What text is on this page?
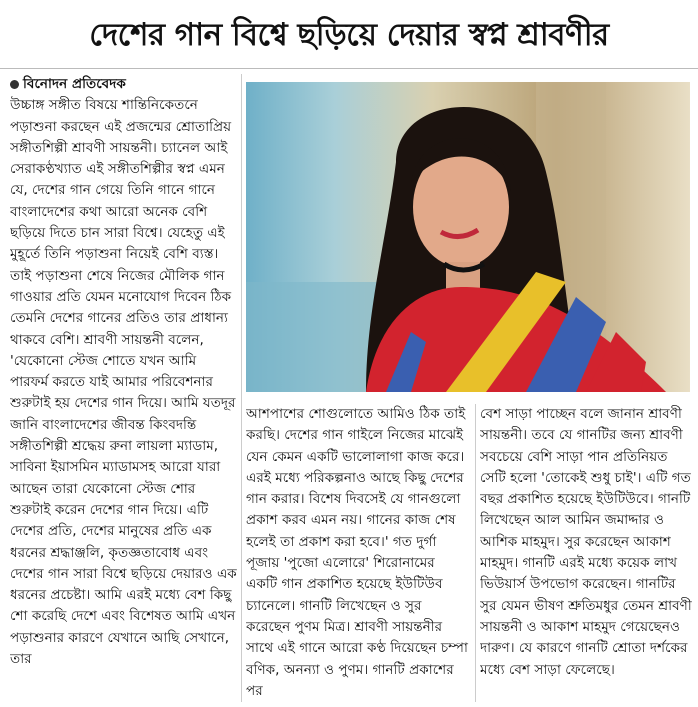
দেশের গান বিশ্বে ছড়িয়ে দেয়ার স্বপ্ন শ্রাবণীর
বিনোদন প্রতিবেদক

উচ্চাঙ্গ সঙ্গীত বিষয়ে শান্তিনিকেতনে পড়াশুনা করছেন এই প্রজন্মের শ্রোতাপ্রিয় সঙ্গীতশিল্পী শ্রাবণী সায়ন্তনী। চ্যানেল আই সেরাকণ্ঠখ্যাত এই সঙ্গীতশিল্পীর স্বপ্ন এমন যে, দেশের গান গেয়ে তিনি গানে গানে বাংলাদেশের কথা আরো অনেক বেশি ছড়িয়ে দিতে চান সারা বিশ্বে। যেহেতু এই মুহূর্তে তিনি পড়াশুনা নিয়েই বেশি ব্যস্ত। তাই পড়াশুনা শেষে নিজের মৌলিক গান গাওয়ার প্রতি যেমন মনোযোগ দিবেন ঠিক তেমনি দেশের গানের প্রতিও তার প্রাধান্য থাকবে বেশি। শ্রাবণী সায়ন্তনী বলেন, 'যেকোনো স্টেজ শোতে যখন আমি পারফর্ম করতে যাই আমার পরিবেশনার শুরুটাই হয় দেশের গান দিয়ে। আমি যতদূর জানি বাংলাদেশের জীবন্ত কিংবদন্তি সঙ্গীতশিল্পী শ্রদ্ধেয় রুনা লায়লা ম্যাডাম, সাবিনা ইয়াসমিন ম্যাডামসহ আরো যারা আছেন তারা যেকোনো স্টেজ শোর শুরুটাই করেন দেশের গান দিয়ে। এটি দেশের প্রতি, দেশের মানুষের প্রতি এক ধরনের শ্রদ্ধাঞ্জলি, কৃতজ্ঞতাবোধ এবং দেশের গান সারা বিশ্বে ছড়িয়ে দেয়ারও এক ধরনের প্রচেষ্টা। আমি এরই মধ্যে বেশ কিছু শো করেছি দেশে এবং বিশেষত আমি এখন পড়াশুনার কারণে যেখানে আছি সেখানে, তার

আশপাশের শোগুলোতে আমিও ঠিক তাই করছি। দেশের গান গাইলে নিজের মাঝেই যেন কেমন একটি ভালোলাগা কাজ করে। এরই মধ্যে পরিকল্পনাও আছে কিছু দেশের গান করার। বিশেষ দিবসেই যে গানগুলো প্রকাশ করব এমন নয়। গানের কাজ শেষ হলেই তা প্রকাশ করা হবে।' গত দুর্গা পূজায় 'পুজো এলোরে' শিরোনামের একটি গান প্রকাশিত হয়েছে ইউটিউব চ্যানেলে। গানটি লিখেছেন ও সুর করেছেন পুণম মিত্র। শ্রাবণী সায়ন্তনীর সাথে এই গানে আরো কণ্ঠ দিয়েছেন চম্পা বণিক, অনন্যা ও পুণম। গানটি প্রকাশের পর

বেশ সাড়া পাচ্ছেন বলে জানান শ্রাবণী সায়ন্তনী। তবে যে গানটির জন্য শ্রাবণী সবচেয়ে বেশি সাড়া পান প্রতিনিয়ত সেটি হলো 'তোকেই শুধু চাই'। এটি গত বছর প্রকাশিত হয়েছে ইউটিউবে। গানটি লিখেছেন আল আমিন জমাদ্দার ও আশিক মাহমুদ। সুর করেছেন আকাশ মাহমুদ। গানটি এরই মধ্যে কয়েক লাখ ভিউয়ার্স উপভোগ করেছেন। গানটির সুর যেমন ভীষণ শ্রুতিমধুর তেমন শ্রাবণী সায়ন্তনী ও আকাশ মাহমুদ গেয়েছেনও দারুণ। যে কারণে গানটি শ্রোতা দর্শকের মধ্যে বেশ সাড়া ফেলেছে।
